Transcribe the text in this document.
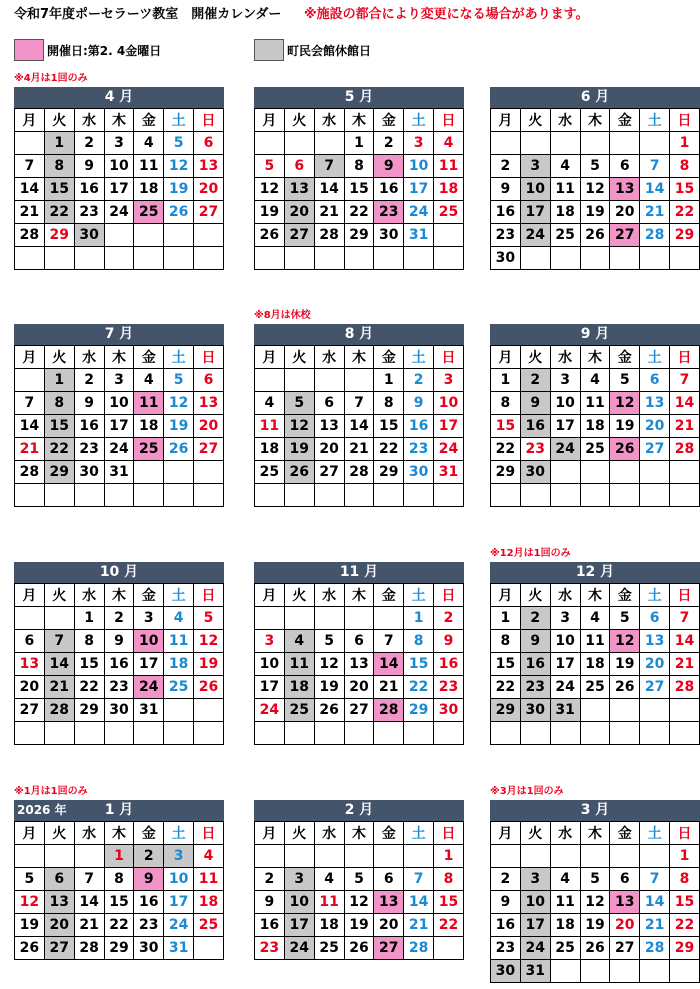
令和7年度ポーセラーツ教室　開催カレンダー ※施設の都合により変更になる場合があります。
開催日:第2. 4金曜日	町民会館休館日
※4月は1回のみ
4 月
月	火	水	木	金	土	日
	1	2	3	4	5	6
7	8	9	10	11	12	13
14	15	16	17	18	19	20
21	22	23	24	25	26	27
28	29	30				

5 月
月	火	水	木	金	土	日
			1	2	3	4
5	6	7	8	9	10	11
12	13	14	15	16	17	18
19	20	21	22	23	24	25
26	27	28	29	30	31	

6 月
月	火	水	木	金	土	日
						1
2	3	4	5	6	7	8
9	10	11	12	13	14	15
16	17	18	19	20	21	22
23	24	25	26	27	28	29
30						
7 月
月	火	水	木	金	土	日
	1	2	3	4	5	6
7	8	9	10	11	12	13
14	15	16	17	18	19	20
21	22	23	24	25	26	27
28	29	30	31			

※8月は休校
8 月
月	火	水	木	金	土	日
				1	2	3
4	5	6	7	8	9	10
11	12	13	14	15	16	17
18	19	20	21	22	23	24
25	26	27	28	29	30	31

9 月
月	火	水	木	金	土	日
1	2	3	4	5	6	7
8	9	10	11	12	13	14
15	16	17	18	19	20	21
22	23	24	25	26	27	28
29	30					

10 月
月	火	水	木	金	土	日
		1	2	3	4	5
6	7	8	9	10	11	12
13	14	15	16	17	18	19
20	21	22	23	24	25	26
27	28	29	30	31		

11 月
月	火	水	木	金	土	日
					1	2
3	4	5	6	7	8	9
10	11	12	13	14	15	16
17	18	19	20	21	22	23
24	25	26	27	28	29	30

※12月は1回のみ
12 月
月	火	水	木	金	土	日
1	2	3	4	5	6	7
8	9	10	11	12	13	14
15	16	17	18	19	20	21
22	23	24	25	26	27	28
29	30	31				

※1月は1回のみ
2026 年	1 月
月	火	水	木	金	土	日
			1	2	3	4
5	6	7	8	9	10	11
12	13	14	15	16	17	18
19	20	21	22	23	24	25
26	27	28	29	30	31	
2 月
月	火	水	木	金	土	日
						1
2	3	4	5	6	7	8
9	10	11	12	13	14	15
16	17	18	19	20	21	22
23	24	25	26	27	28	
※3月は1回のみ
3 月
月	火	水	木	金	土	日
						1
2	3	4	5	6	7	8
9	10	11	12	13	14	15
16	17	18	19	20	21	22
23	24	25	26	27	28	29
30	31					
